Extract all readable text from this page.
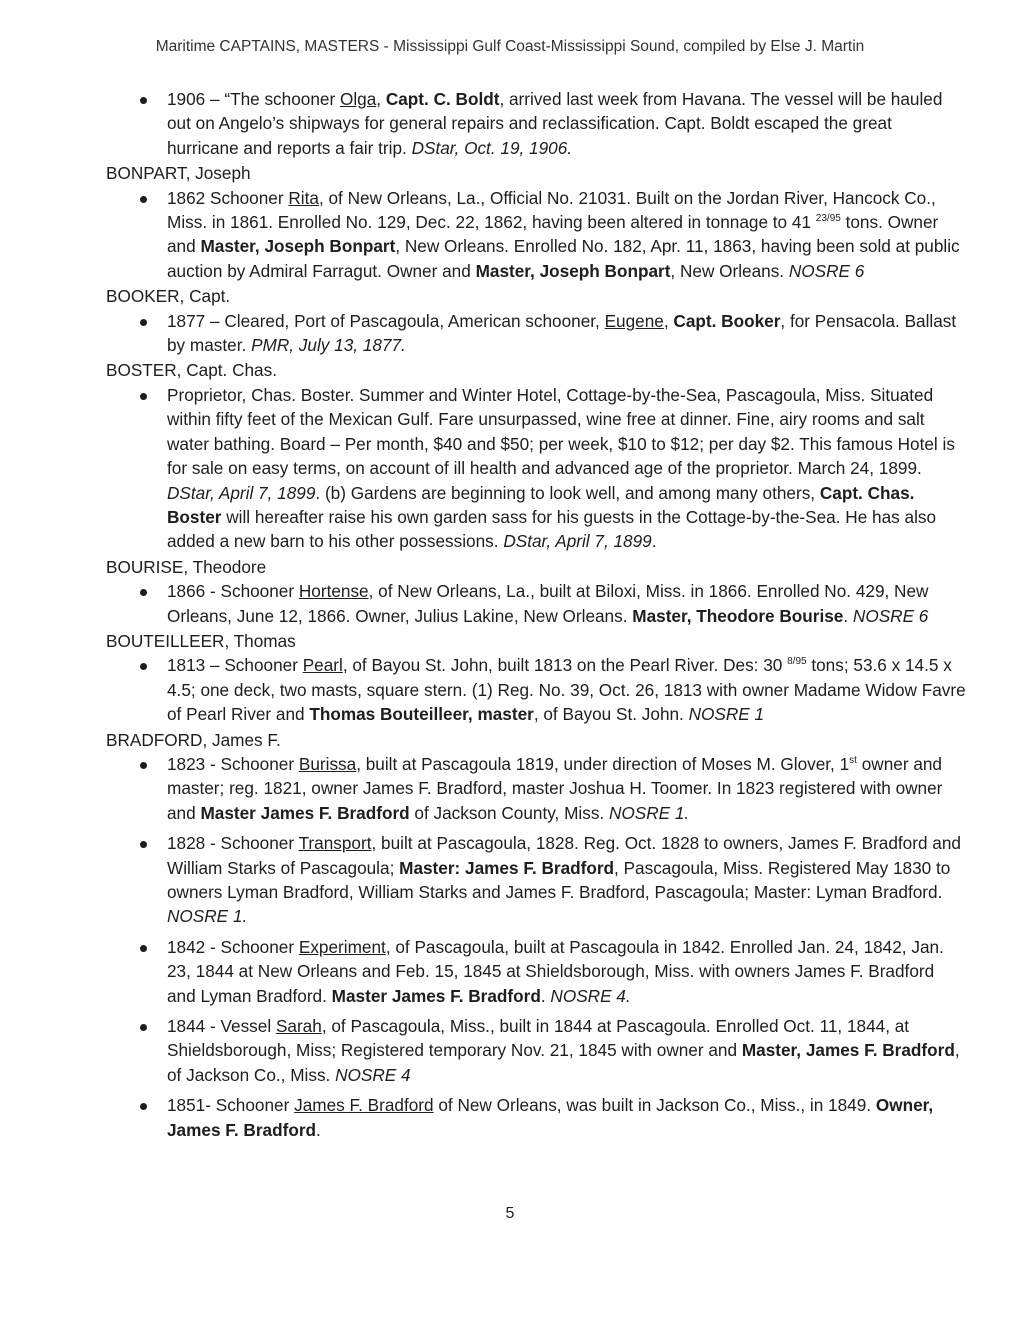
Maritime CAPTAINS, MASTERS - Mississippi Gulf Coast-Mississippi Sound, compiled by Else J. Martin
1906 – “The schooner Olga, Capt. C. Boldt, arrived last week from Havana. The vessel will be hauled out on Angelo’s shipways for general repairs and reclassification. Capt. Boldt escaped the great hurricane and reports a fair trip. DStar, Oct. 19, 1906.

BONPART, Joseph

1862 Schooner Rita, of New Orleans, La., Official No. 21031. Built on the Jordan River, Hancock Co., Miss. in 1861. Enrolled No. 129, Dec. 22, 1862, having been altered in tonnage to 41 $^{23/95}$ tons. Owner and Master, Joseph Bonpart, New Orleans. Enrolled No. 182, Apr. 11, 1863, having been sold at public auction by Admiral Farragut. Owner and Master, Joseph Bonpart, New Orleans. NOSRE 6

BOOKER, Capt.

1877 – Cleared, Port of Pascagoula, American schooner, Eugene, Capt. Booker, for Pensacola. Ballast by master. PMR, July 13, 1877.

BOSTER, Capt. Chas.

Proprietor, Chas. Boster. Summer and Winter Hotel, Cottage-by-the-Sea, Pascagoula, Miss. Situated within fifty feet of the Mexican Gulf. Fare unsurpassed, wine free at dinner. Fine, airy rooms and salt water bathing. Board – Per month, $40 and $50; per week, $10 to $12; per day $2. This famous Hotel is for sale on easy terms, on account of ill health and advanced age of the proprietor. March 24, 1899. DStar, April 7, 1899. (b) Gardens are beginning to look well, and among many others, Capt. Chas. Boster will hereafter raise his own garden sass for his guests in the Cottage-by-the-Sea. He has also added a new barn to his other possessions. DStar, April 7, 1899.

BOURISE, Theodore

1866 - Schooner Hortense, of New Orleans, La., built at Biloxi, Miss. in 1866. Enrolled No. 429, New Orleans, June 12, 1866. Owner, Julius Lakine, New Orleans. Master, Theodore Bourise. NOSRE 6

BOUTEILLEER, Thomas

1813 – Schooner Pearl, of Bayou St. John, built 1813 on the Pearl River. Des: 30 $^{8/95}$ tons; 53.6 x 14.5 x 4.5; one deck, two masts, square stern. (1) Reg. No. 39, Oct. 26, 1813 with owner Madame Widow Favre of Pearl River and Thomas Bouteilleer, master, of Bayou St. John. NOSRE 1

BRADFORD, James F.

1823 - Schooner Burissa, built at Pascagoula 1819, under direction of Moses M. Glover, 1st owner and master; reg. 1821, owner James F. Bradford, master Joshua H. Toomer. In 1823 registered with owner and Master James F. Bradford of Jackson County, Miss. NOSRE 1.
1828 - Schooner Transport, built at Pascagoula, 1828. Reg. Oct. 1828 to owners, James F. Bradford and William Starks of Pascagoula; Master: James F. Bradford, Pascagoula, Miss. Registered May 1830 to owners Lyman Bradford, William Starks and James F. Bradford, Pascagoula; Master: Lyman Bradford. NOSRE 1.
1842 - Schooner Experiment, of Pascagoula, built at Pascagoula in 1842. Enrolled Jan. 24, 1842, Jan. 23, 1844 at New Orleans and Feb. 15, 1845 at Shieldsborough, Miss. with owners James F. Bradford and Lyman Bradford. Master James F. Bradford. NOSRE 4.
1844 - Vessel Sarah, of Pascagoula, Miss., built in 1844 at Pascagoula. Enrolled Oct. 11, 1844, at Shieldsborough, Miss; Registered temporary Nov. 21, 1845 with owner and Master, James F. Bradford, of Jackson Co., Miss. NOSRE 4
1851- Schooner James F. Bradford of New Orleans, was built in Jackson Co., Miss., in 1849. Owner, James F. Bradford.
5
